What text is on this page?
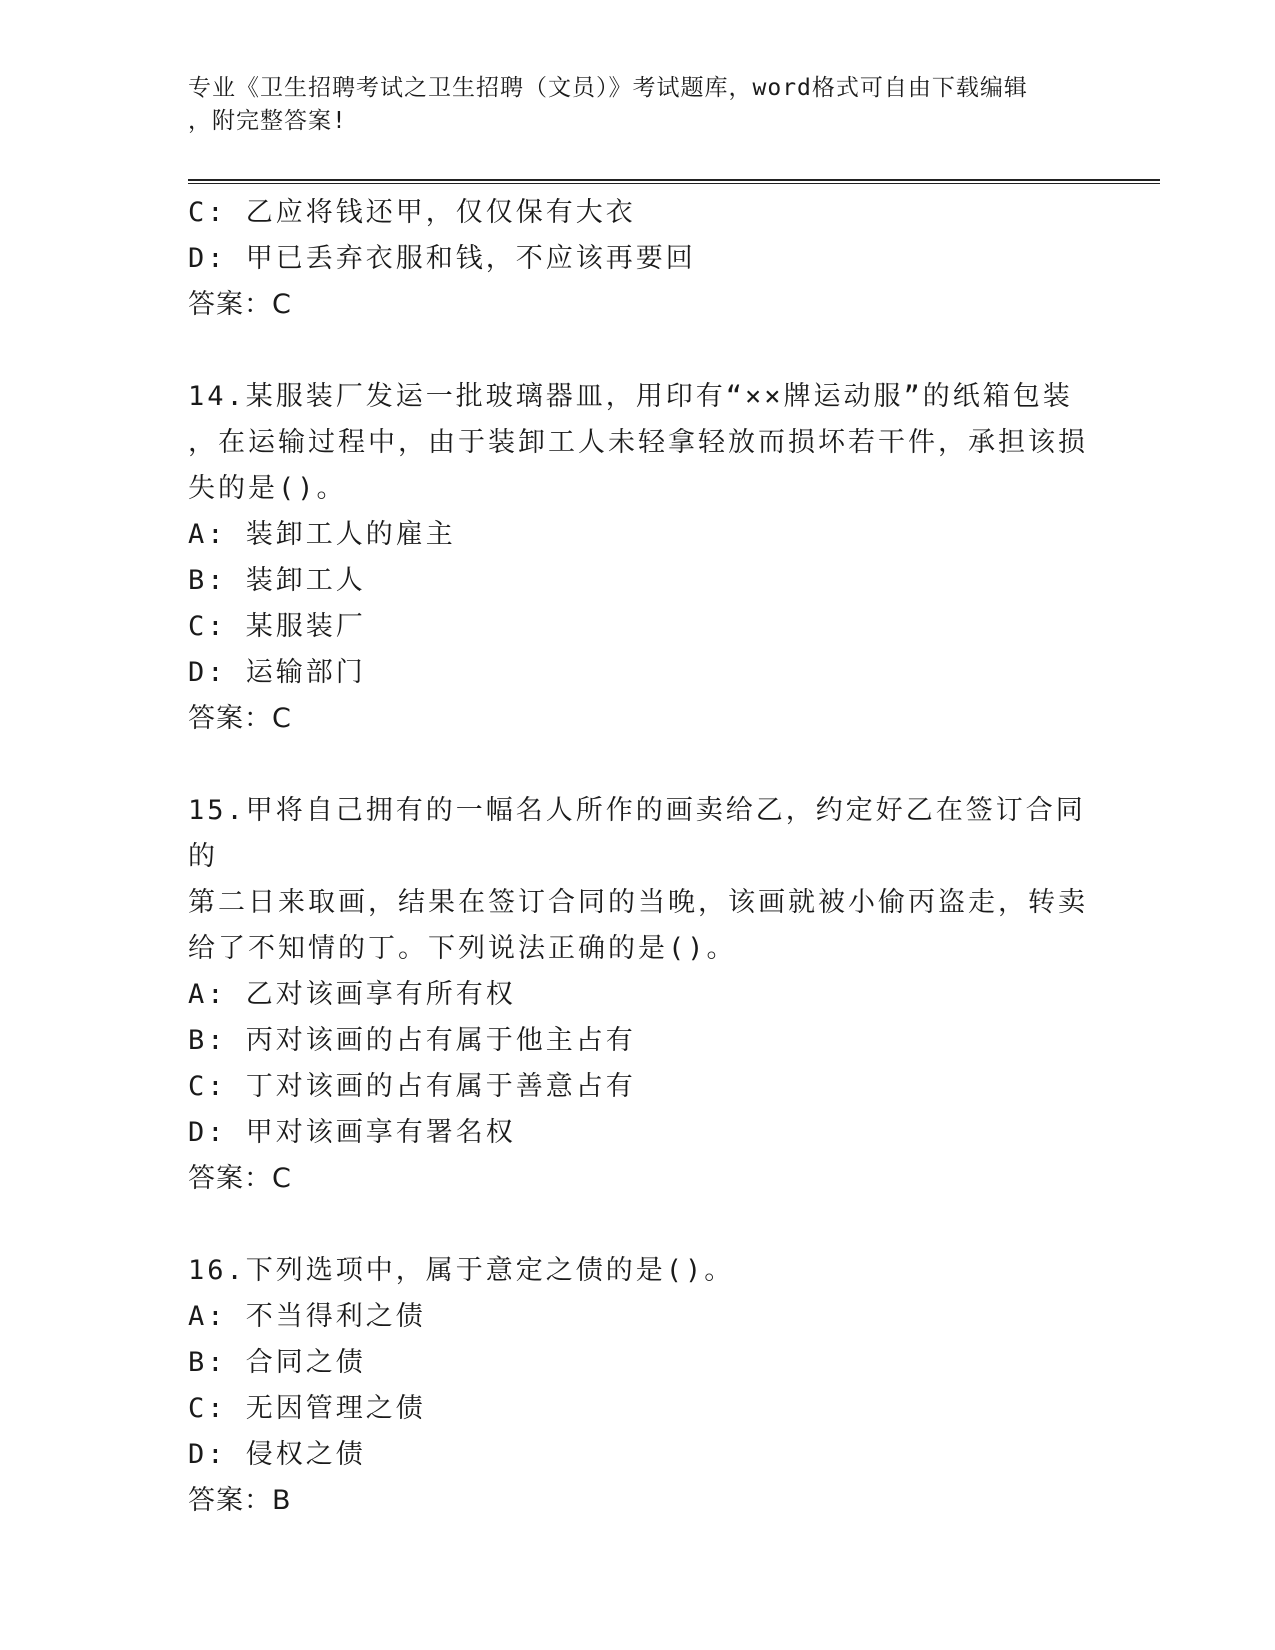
专业《卫生招聘考试之卫生招聘（文员）》考试题库，word格式可自由下载编辑
，附完整答案!
C: 乙应将钱还甲，仅仅保有大衣
D: 甲已丢弃衣服和钱，不应该再要回
答案：C
14.某服装厂发运一批玻璃器皿，用印有“××牌运动服”的纸箱包装
，在运输过程中，由于装卸工人未轻拿轻放而损坏若干件，承担该损
失的是()。
A: 装卸工人的雇主
B: 装卸工人
C: 某服装厂
D: 运输部门
答案：C
15.甲将自己拥有的一幅名人所作的画卖给乙，约定好乙在签订合同的
第二日来取画，结果在签订合同的当晚，该画就被小偷丙盗走，转卖
给了不知情的丁。下列说法正确的是()。
A: 乙对该画享有所有权
B: 丙对该画的占有属于他主占有
C: 丁对该画的占有属于善意占有
D: 甲对该画享有署名权
答案：C
16.下列选项中，属于意定之债的是()。
A: 不当得利之债
B: 合同之债
C: 无因管理之债
D: 侵权之债
答案：B
